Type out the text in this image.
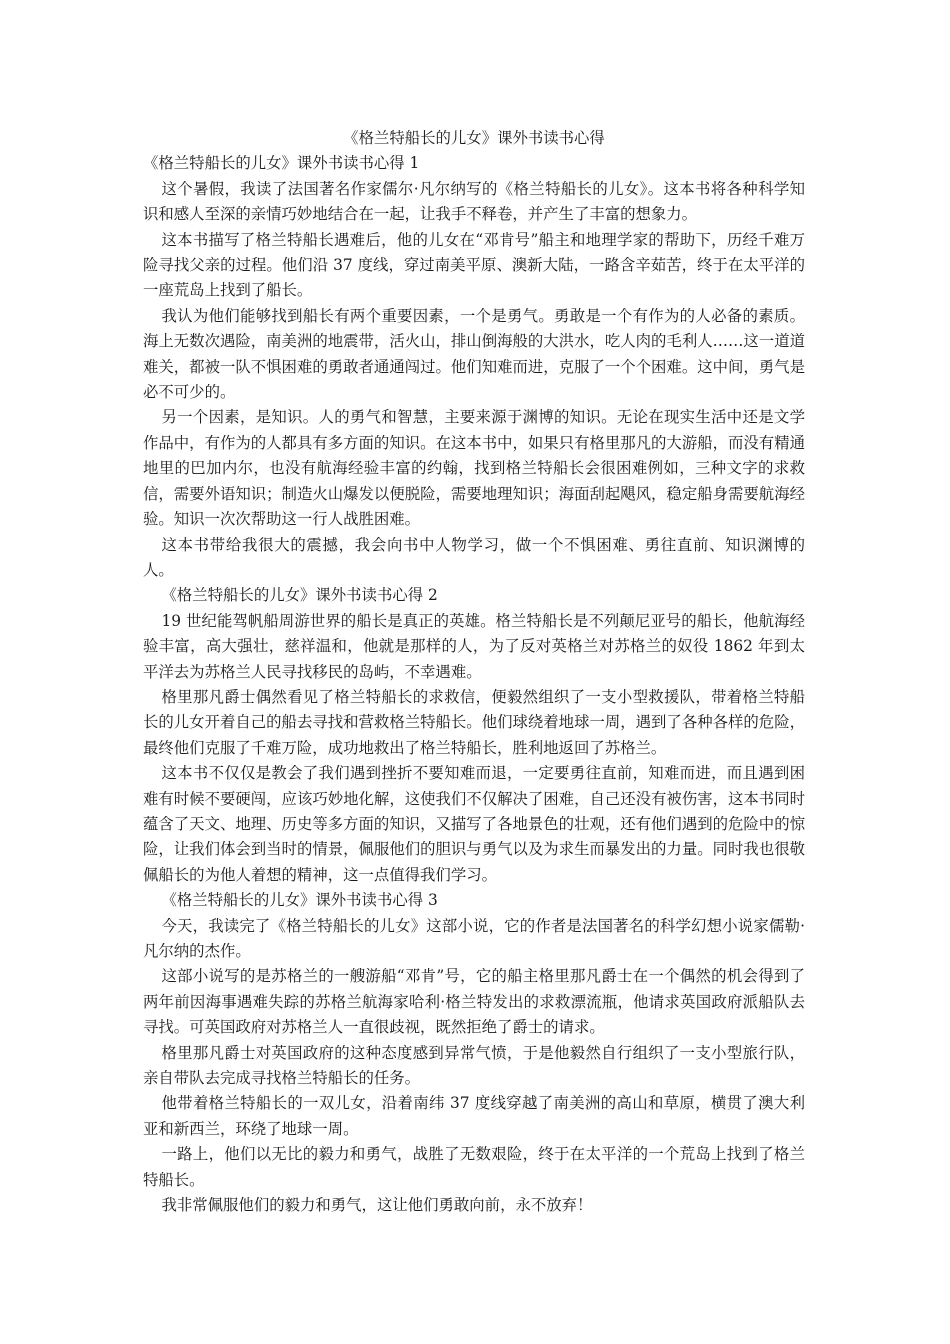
《格兰特船长的儿女》课外书读书心得
《格兰特船长的儿女》课外书读书心得 1

这个暑假，我读了法国著名作家儒尔·凡尔纳写的《格兰特船长的儿女》。这本书将各种科学知识和感人至深的亲情巧妙地结合在一起，让我手不释卷，并产生了丰富的想象力。

这本书描写了格兰特船长遇难后，他的儿女在“邓肯号”船主和地理学家的帮助下，历经千难万险寻找父亲的过程。他们沿 37 度线，穿过南美平原、澳新大陆，一路含辛茹苦，终于在太平洋的一座荒岛上找到了船长。

我认为他们能够找到船长有两个重要因素，一个是勇气。勇敢是一个有作为的人必备的素质。海上无数次遇险，南美洲的地震带，活火山，排山倒海般的大洪水，吃人肉的毛利人……这一道道难关，都被一队不惧困难的勇敢者通通闯过。他们知难而进，克服了一个个困难。这中间，勇气是必不可少的。

另一个因素，是知识。人的勇气和智慧，主要来源于渊博的知识。无论在现实生活中还是文学作品中，有作为的人都具有多方面的知识。在这本书中，如果只有格里那凡的大游船，而没有精通地里的巴加内尔，也没有航海经验丰富的约翰，找到格兰特船长会很困难例如，三种文字的求救信，需要外语知识；制造火山爆发以便脱险，需要地理知识；海面刮起飓风，稳定船身需要航海经验。知识一次次帮助这一行人战胜困难。

这本书带给我很大的震撼，我会向书中人物学习，做一个不惧困难、勇往直前、知识渊博的人。

《格兰特船长的儿女》课外书读书心得 2

19 世纪能驾帆船周游世界的船长是真正的英雄。格兰特船长是不列颠尼亚号的船长，他航海经验丰富，高大强壮，慈祥温和，他就是那样的人，为了反对英格兰对苏格兰的奴役 1862 年到太平洋去为苏格兰人民寻找移民的岛屿，不幸遇难。

格里那凡爵士偶然看见了格兰特船长的求救信，便毅然组织了一支小型救援队，带着格兰特船长的儿女开着自己的船去寻找和营救格兰特船长。他们球绕着地球一周，遇到了各种各样的危险，最终他们克服了千难万险，成功地救出了格兰特船长，胜利地返回了苏格兰。

这本书不仅仅是教会了我们遇到挫折不要知难而退，一定要勇往直前，知难而进，而且遇到困难有时候不要硬闯，应该巧妙地化解，这使我们不仅解决了困难，自己还没有被伤害，这本书同时蕴含了天文、地理、历史等多方面的知识，又描写了各地景色的壮观，还有他们遇到的危险中的惊险，让我们体会到当时的情景，佩服他们的胆识与勇气以及为求生而暴发出的力量。同时我也很敬佩船长的为他人着想的精神，这一点值得我们学习。

《格兰特船长的儿女》课外书读书心得 3

今天，我读完了《格兰特船长的儿女》这部小说，它的作者是法国著名的科学幻想小说家儒勒·凡尔纳的杰作。

这部小说写的是苏格兰的一艘游船“邓肯”号，它的船主格里那凡爵士在一个偶然的机会得到了两年前因海事遇难失踪的苏格兰航海家哈利·格兰特发出的求救漂流瓶，他请求英国政府派船队去寻找。可英国政府对苏格兰人一直很歧视，既然拒绝了爵士的请求。

格里那凡爵士对英国政府的这种态度感到异常气愤，于是他毅然自行组织了一支小型旅行队，亲自带队去完成寻找格兰特船长的任务。

他带着格兰特船长的一双儿女，沿着南纬 37 度线穿越了南美洲的高山和草原，横贯了澳大利亚和新西兰，环绕了地球一周。

一路上，他们以无比的毅力和勇气，战胜了无数艰险，终于在太平洋的一个荒岛上找到了格兰特船长。

我非常佩服他们的毅力和勇气，这让他们勇敢向前，永不放弃！
